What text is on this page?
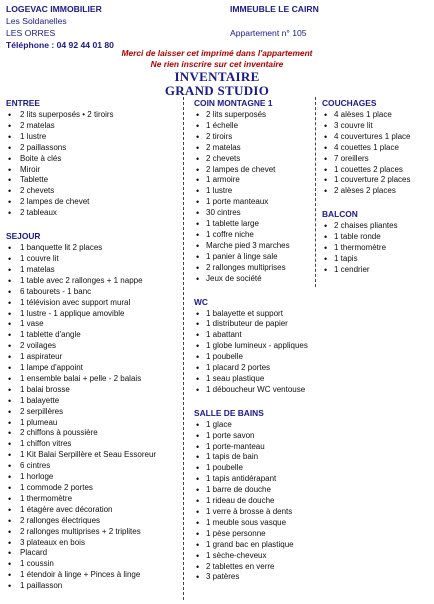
LOGEVAC IMMOBILIER
Les Soldanelles
LES ORRES
Téléphone : 04 92 44 01 80
IMMEUBLE LE CAIRN

Appartement n° 105
Merci de laisser cet imprimé dans l'appartement
Ne rien inscrire sur cet inventaire
INVENTAIRE
GRAND STUDIO
ENTREE
• 2 lits superposés • 2 tiroirs
• 2 matelas
• 1 lustre
• 2 paillassons
• Boite à clés
• Miroir
• Tablette
• 2 chevets
• 2 lampes de chevet
• 2 tableaux
SEJOUR
• 1 banquette lit 2 places
• 1 couvre lit
• 1 matelas
• 1 table avec 2 rallonges + 1 nappe
• 6 tabourets - 1 banc
• 1 télévision avec support mural
• 1 lustre - 1 applique amovible
• 1 vase
• 1 tablette d'angle
• 2 voilages
• 1 aspirateur
• 1 lampe d'appoint
• 1 ensemble balai + pelle - 2 balais
• 1 balai brosse
• 1 balayette
• 2 serpillères
• 1 plumeau
• 2 chiffons à poussière
• 1 chiffon vitres
• 1 Kit Balai Serpillère et Seau Essoreur
• 6 cintres
• 1 horloge
• 1 commode 2 portes
• 1 thermomètre
• 1 étagère avec décoration
• 2 rallonges électriques
• 2 rallonges multiprises + 2 triplites
• 3 plateaux en bois
• Placard
• 1 coussin
• 1 étendoir à linge + Pinces à linge
• 1 paillasson
COIN MONTAGNE 1
• 2 lits superposés
• 1 échelle
• 2 tiroirs
• 2 matelas
• 2 chevets
• 2 lampes de chevet
• 1 armoire
• 1 lustre
• 1 porte manteaux
• 30 cintres
• 1 tablette large
• 1 coffre niche
• Marche pied 3 marches
• 1 panier à linge sale
• 2 rallonges multiprises
• Jeux de société
WC
• 1 balayette et support
• 1 distributeur de papier
• 1 abattant
• 1 globe lumineux - appliques
• 1 poubelle
• 1 placard 2 portes
• 1 seau plastique
• 1 déboucheur WC ventouse
SALLE DE BAINS
• 1 glace
• 1 porte savon
• 1 porte-manteau
• 1 tapis de bain
• 1 poubelle
• 1 tapis antidérapant
• 1 barre de douche
• 1 rideau de douche
• 1 verre à brosse à dents
• 1 meuble sous vasque
• 1 pèse personne
• 1 grand bac en plastique
• 1 sèche-cheveux
• 2 tablettes en verre
• 3 patères
COUCHAGES
• 4 alèses 1 place
• 3 couvre lit
• 4 couvertures 1 place
• 4 couettes 1 place
• 7 oreillers
• 1 couettes 2 places
• 1 couverture 2 places
• 2 alèses 2 places
BALCON
• 2 chaises pliantes
• 1 table ronde
• 1 thermomètre
• 1 tapis
• 1 cendrier
